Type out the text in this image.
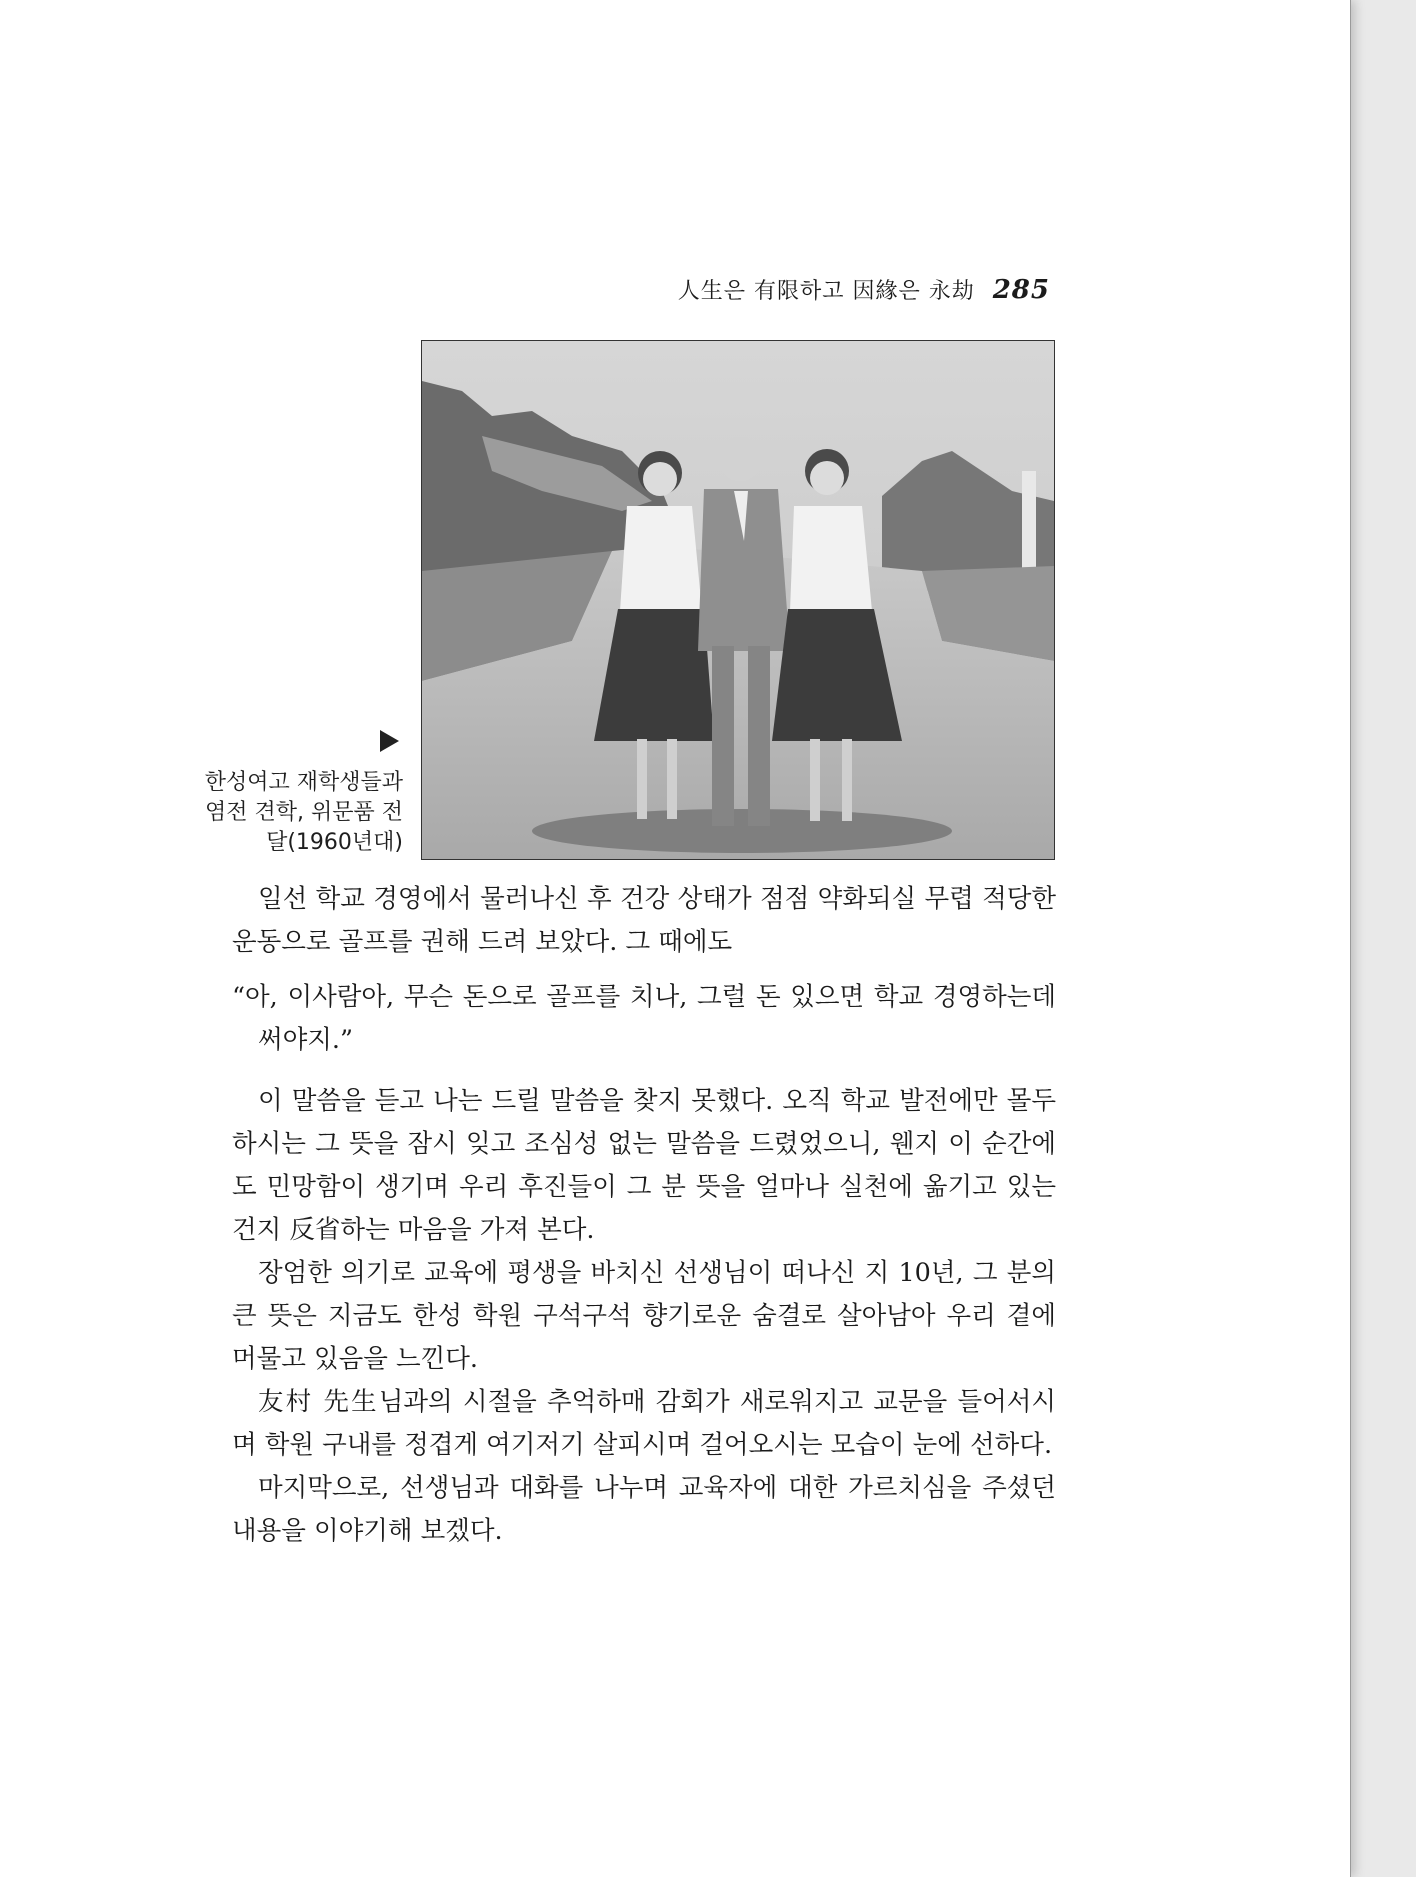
人生은 有限하고 因緣은 永劫 285
한성여고 재학생들과 염전 견학, 위문품 전달(1960년대)

일선 학교 경영에서 물러나신 후 건강 상태가 점점 약화되실 무렵 적당한 운동으로 골프를 권해 드려 보았다. 그 때에도

“아, 이사람아, 무슨 돈으로 골프를 치나, 그럴 돈 있으면 학교 경영하는데 써야지.”

이 말씀을 듣고 나는 드릴 말씀을 찾지 못했다. 오직 학교 발전에만 몰두하시는 그 뜻을 잠시 잊고 조심성 없는 말씀을 드렸었으니, 웬지 이 순간에도 민망함이 생기며 우리 후진들이 그 분 뜻을 얼마나 실천에 옮기고 있는건지 反省하는 마음을 가져 본다.

장엄한 의기로 교육에 평생을 바치신 선생님이 떠나신 지 10년, 그 분의 큰 뜻은 지금도 한성 학원 구석구석 향기로운 숨결로 살아남아 우리 곁에 머물고 있음을 느낀다.

友村 先生님과의 시절을 추억하매 감회가 새로워지고 교문을 들어서시며 학원 구내를 정겹게 여기저기 살피시며 걸어오시는 모습이 눈에 선하다.

마지막으로, 선생님과 대화를 나누며 교육자에 대한 가르치심을 주셨던 내용을 이야기해 보겠다.
